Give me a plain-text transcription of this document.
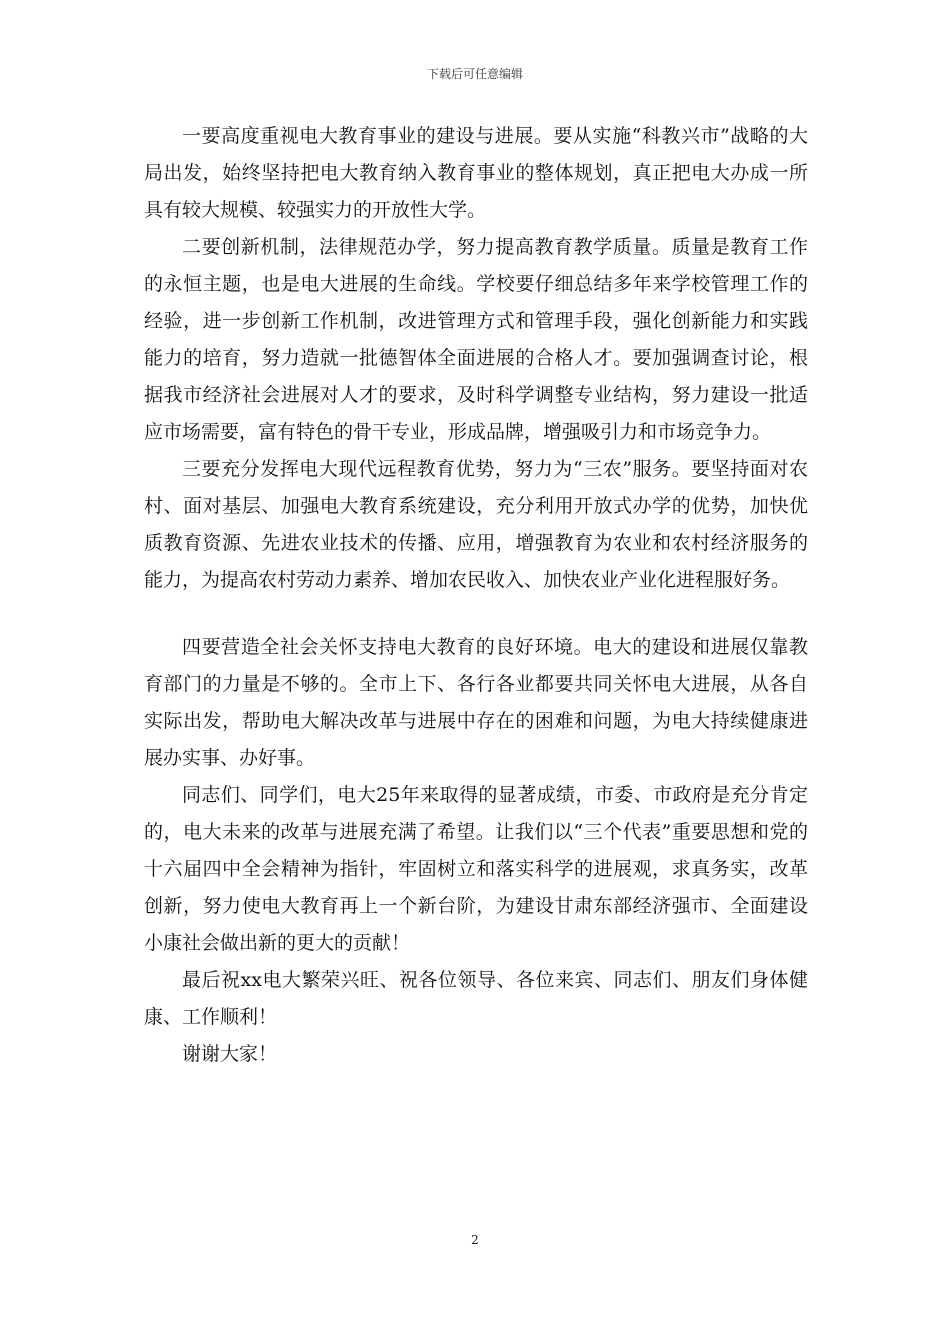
下载后可任意编辑

一要高度重视电大教育事业的建设与进展。要从实施“科教兴市”战略的大局出发，始终坚持把电大教育纳入教育事业的整体规划，真正把电大办成一所具有较大规模、较强实力的开放性大学。

二要创新机制，法律规范办学，努力提高教育教学质量。质量是教育工作的永恒主题，也是电大进展的生命线。学校要仔细总结多年来学校管理工作的经验，进一步创新工作机制，改进管理方式和管理手段，强化创新能力和实践能力的培育，努力造就一批德智体全面进展的合格人才。要加强调查讨论，根据我市经济社会进展对人才的要求，及时科学调整专业结构，努力建设一批适应市场需要，富有特色的骨干专业，形成品牌，增强吸引力和市场竞争力。

三要充分发挥电大现代远程教育优势，努力为“三农”服务。要坚持面对农村、面对基层、加强电大教育系统建设，充分利用开放式办学的优势，加快优质教育资源、先进农业技术的传播、应用，增强教育为农业和农村经济服务的能力，为提高农村劳动力素养、增加农民收入、加快农业产业化进程服好务。

四要营造全社会关怀支持电大教育的良好环境。电大的建设和进展仅靠教育部门的力量是不够的。全市上下、各行各业都要共同关怀电大进展，从各自实际出发，帮助电大解决改革与进展中存在的困难和问题，为电大持续健康进展办实事、办好事。

同志们、同学们，电大25年来取得的显著成绩，市委、市政府是充分肯定的，电大未来的改革与进展充满了希望。让我们以“三个代表”重要思想和党的十六届四中全会精神为指针，牢固树立和落实科学的进展观，求真务实，改革创新，努力使电大教育再上一个新台阶，为建设甘肃东部经济强市、全面建设小康社会做出新的更大的贡献！

最后祝xx电大繁荣兴旺、祝各位领导、各位来宾、同志们、朋友们身体健康、工作顺利！

谢谢大家！

2
